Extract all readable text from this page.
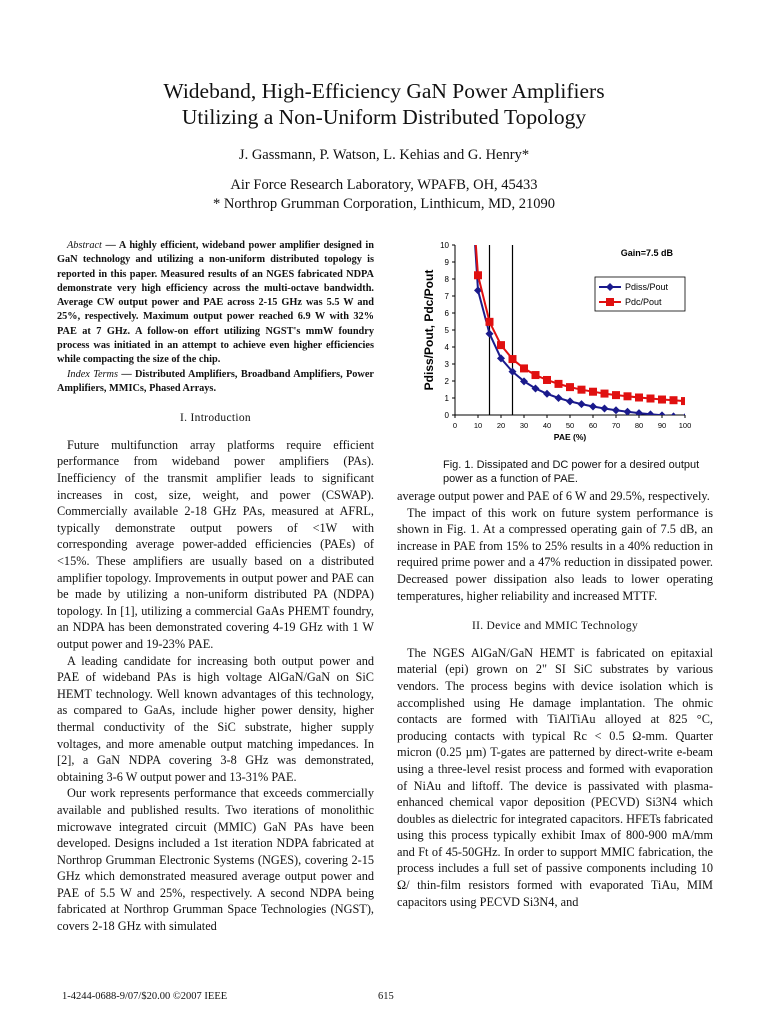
Wideband, High-Efficiency GaN Power Amplifiers
Utilizing a Non-Uniform Distributed Topology
J. Gassmann, P. Watson, L. Kehias and G. Henry*
Air Force Research Laboratory, WPAFB, OH, 45433
* Northrop Grumman Corporation, Linthicum, MD, 21090

Abstract — A highly efficient, wideband power amplifier designed in GaN technology and utilizing a non-uniform distributed topology is reported in this paper. Measured results of an NGES fabricated NDPA demonstrate very high efficiency across the multi-octave bandwidth. Average CW output power and PAE across 2-15 GHz was 5.5 W and 25%, respectively. Maximum output power reached 6.9 W with 32% PAE at 7 GHz. A follow-on effort utilizing NGST's mmW foundry process was initiated in an attempt to achieve even higher efficiencies while compacting the size of the chip.

Index Terms — Distributed Amplifiers, Broadband Amplifiers, Power Amplifiers, MMICs, Phased Arrays.

I. Introduction

Future multifunction array platforms require efficient performance from wideband power amplifiers (PAs). Inefficiency of the transmit amplifier leads to significant increases in cost, size, weight, and power (CSWAP). Commercially available 2-18 GHz PAs, measured at AFRL, typically demonstrate output powers of <1W with corresponding average power-added efficiencies (PAEs) of <15%. These amplifiers are usually based on a distributed amplifier topology. Improvements in output power and PAE can be made by utilizing a non-uniform distributed PA (NDPA) topology. In [1], utilizing a commercial GaAs PHEMT foundry, an NDPA has been demonstrated covering 4-19 GHz with 1 W output power and 19-23% PAE.

A leading candidate for increasing both output power and PAE of wideband PAs is high voltage AlGaN/GaN on SiC HEMT technology. Well known advantages of this technology, as compared to GaAs, include higher power density, higher thermal conductivity of the SiC substrate, higher supply voltages, and more amenable output matching impedances. In [2], a GaN NDPA covering 3-8 GHz was demonstrated, obtaining 3-6 W output power and 13-31% PAE.

Our work represents performance that exceeds commercially available and published results. Two iterations of monolithic microwave integrated circuit (MMIC) GaN PAs have been developed. Designs included a 1st iteration NDPA fabricated at Northrop Grumman Electronic Systems (NGES), covering 2-15 GHz which demonstrated measured average output power and PAE of 5.5 W and 25%, respectively. A second NDPA being fabricated at Northrop Grumman Space Technologies (NGST), covers 2-18 GHz with simulated

0
1
2
3
4
5
6
7
8
9
10
0 10 20 30 40 50 60 70 80 90 100
PAE (%)
Pdiss/Pout, Pdc/Pout
Gain=7.5 dB
Pdiss/Pout
Pdc/Pout
Fig. 1. Dissipated and DC power for a desired output power as a function of PAE.

average output power and PAE of 6 W and 29.5%, respectively.

The impact of this work on future system performance is shown in Fig. 1. At a compressed operating gain of 7.5 dB, an increase in PAE from 15% to 25% results in a 40% reduction in required prime power and a 47% reduction in dissipated power. Decreased power dissipation also leads to lower operating temperatures, higher reliability and increased MTTF.

II. Device and MMIC Technology

The NGES AlGaN/GaN HEMT is fabricated on epitaxial material (epi) grown on 2" SI SiC substrates by various vendors. The process begins with device isolation which is accomplished using He damage implantation. The ohmic contacts are formed with TiAlTiAu alloyed at 825 °C, producing contacts with typical Rc < 0.5 Ω-mm. Quarter micron (0.25 µm) T-gates are patterned by direct-write e-beam using a three-level resist process and formed with evaporation of NiAu and liftoff. The device is passivated with plasma-enhanced chemical vapor deposition (PECVD) Si3N4 which doubles as dielectric for integrated capacitors. HFETs fabricated using this process typically exhibit Imax of 800-900 mA/mm and Ft of 45-50GHz. In order to support MMIC fabrication, the process includes a full set of passive components including 10 Ω/ thin-film resistors formed with evaporated TiAu, MIM capacitors using PECVD Si3N4, and

1-4244-0688-9/07/$20.00 ©2007 IEEE	615
